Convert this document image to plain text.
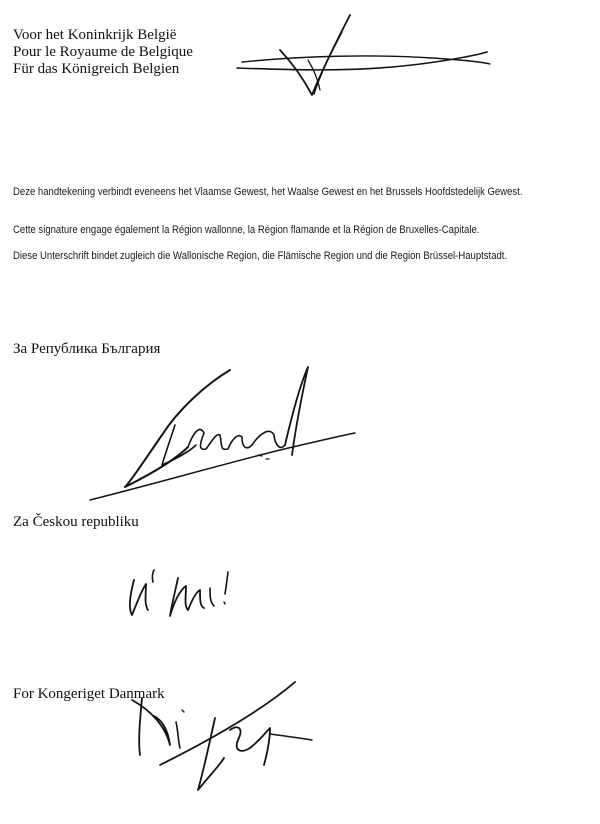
Voor het Koninkrijk België
Pour le Royaume de Belgique
Für das Königreich Belgien
Deze handtekening verbindt eveneens het Vlaamse Gewest, het Waalse Gewest en het Brussels Hoofdstedelijk Gewest.
Cette signature engage également la Région wallonne, la Région flamande et la Région de Bruxelles-Capitale.
Diese Unterschrift bindet zugleich die Wallonische Region, die Flämische Region und die Region Brüssel-Hauptstadt.
За Република България
Za Českou republiku
For Kongeriget Danmark
